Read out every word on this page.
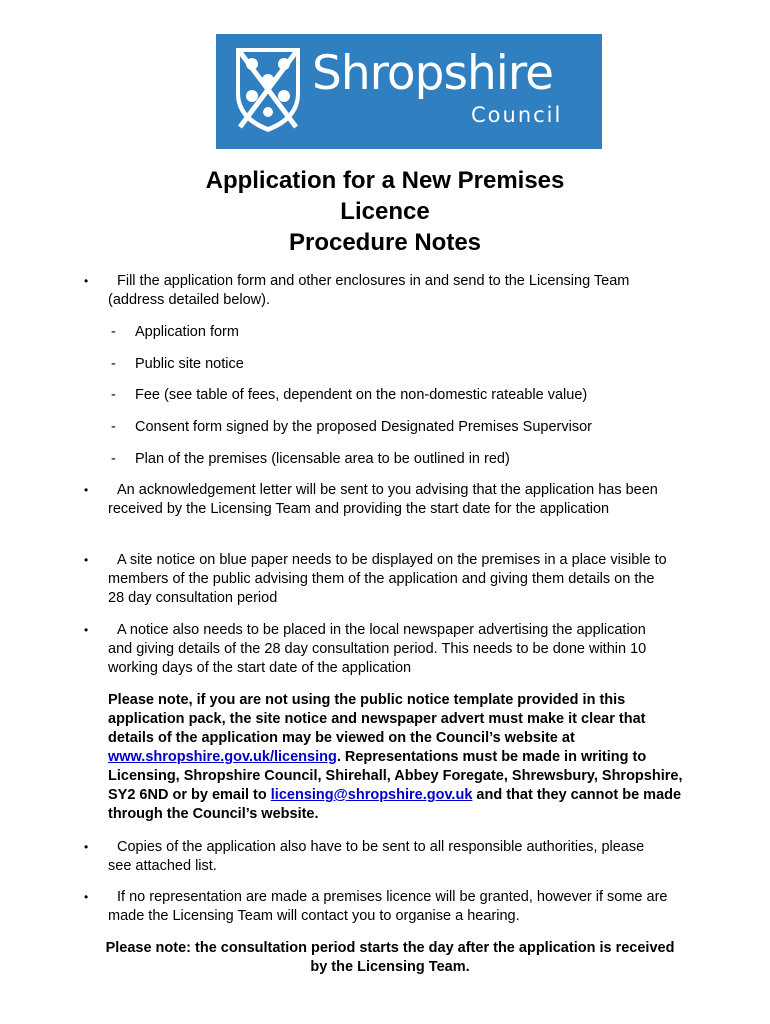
Shropshire
Council
Application for a New Premises
Licence
Procedure Notes
•	Fill the application form and other enclosures in and send to the Licensing Team (address detailed below).

- Application form

- Public site notice

- Fee (see table of fees, dependent on the non-domestic rateable value)

- Consent form signed by the proposed Designated Premises Supervisor

- Plan of the premises (licensable area to be outlined in red)

•	An acknowledgement letter will be sent to you advising that the application has been received by the Licensing Team and providing the start date for the application

•	A site notice on blue paper needs to be displayed on the premises in a place visible to members of the public advising them of the application and giving them details on the 28 day consultation period

•	A notice also needs to be placed in the local newspaper advertising the application and giving details of the 28 day consultation period. This needs to be done within 10 working days of the start date of the application

Please note, if you are not using the public notice template provided in this application pack, the site notice and newspaper advert must make it clear that details of the application may be viewed on the Council’s website at www.shropshire.gov.uk/licensing. Representations must be made in writing to Licensing, Shropshire Council, Shirehall, Abbey Foregate, Shrewsbury, Shropshire, SY2 6ND or by email to licensing@shropshire.gov.uk and that they cannot be made through the Council’s website.

•	Copies of the application also have to be sent to all responsible authorities, please see attached list.

•	If no representation are made a premises licence will be granted, however if some are made the Licensing Team will contact you to organise a hearing.

Please note: the consultation period starts the day after the application is received by the Licensing Team.
